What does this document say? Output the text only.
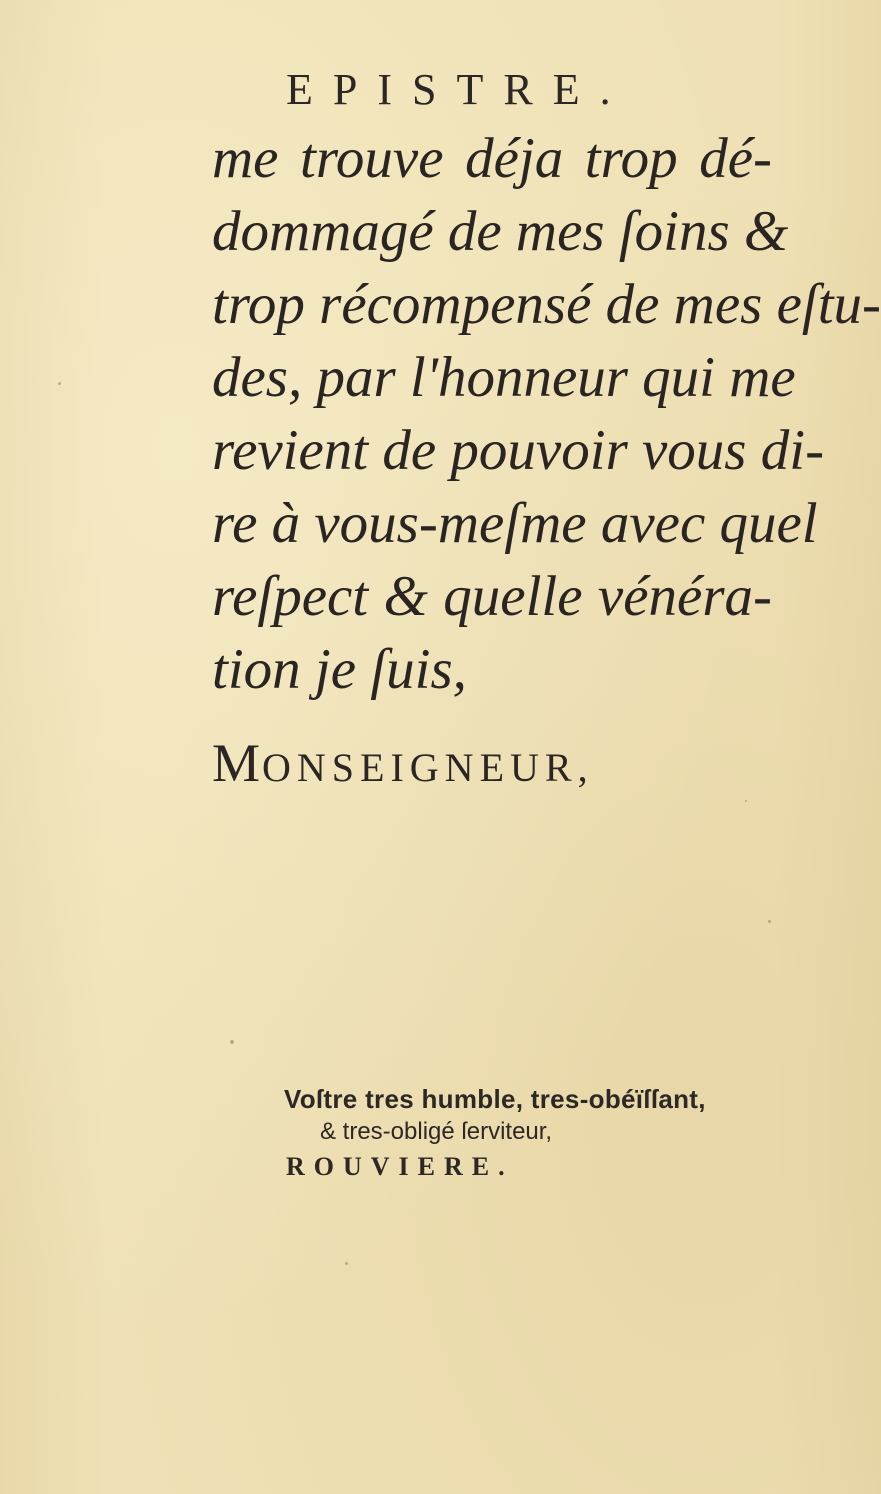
EPISTRE.
me trouve déja trop dé-
dommagé de mes ſoins &
trop récompensé de mes eſtu-
des, par l'honneur qui me
revient de pouvoir vous di-
re à vous-meſme avec quel
reſpect & quelle vénéra-
tion je ſuis,
MONSEIGNEUR,
Voſtre tres humble, tres-obéïſſant,
& tres-obligé ſerviteur,
ROUVIERE.
